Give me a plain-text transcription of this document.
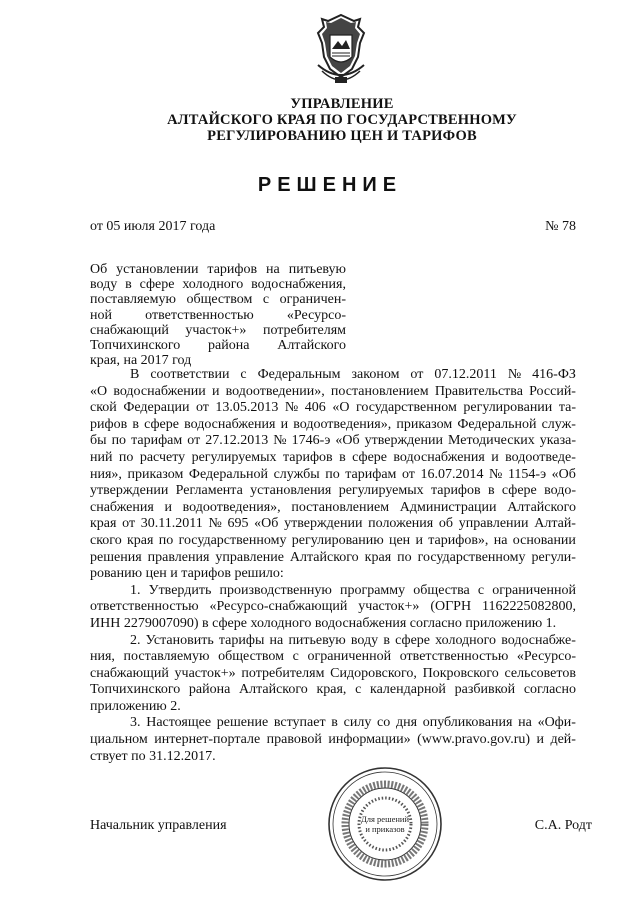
УПРАВЛЕНИЕ
АЛТАЙСКОГО КРАЯ ПО ГОСУДАРСТВЕННОМУ
РЕГУЛИРОВАНИЮ ЦЕН И ТАРИФОВ
РЕШЕНИЕ
от 05 июля 2017 года	№ 78
Об установлении тарифов на питьевую
воду в сфере холодного водоснабжения,
поставляемую обществом с ограничен-
ной ответственностью «Ресурсо-
снабжающий участок+» потребителям
Топчихинского района Алтайского
края, на 2017 год
В соответствии с Федеральным законом от 07.12.2011 № 416-ФЗ
«О водоснабжении и водоотведении», постановлением Правительства Россий-
ской Федерации от 13.05.2013 № 406 «О государственном регулировании та-
рифов в сфере водоснабжения и водоотведения», приказом Федеральной служ-
бы по тарифам от 27.12.2013 № 1746-э «Об утверждении Методических указа-
ний по расчету регулируемых тарифов в сфере водоснабжения и водоотведе-
ния», приказом Федеральной службы по тарифам от 16.07.2014 № 1154-э «Об
утверждении Регламента установления регулируемых тарифов в сфере водо-
снабжения и водоотведения», постановлением Администрации Алтайского
края от 30.11.2011 № 695 «Об утверждении положения об управлении Алтай-
ского края по государственному регулированию цен и тарифов», на основании
решения правления управление Алтайского края по государственному регули-
рованию цен и тарифов решило:
1. Утвердить производственную программу общества с ограниченной
ответственностью «Ресурсо-снабжающий участок+» (ОГРН 1162225082800,
ИНН 2279007090) в сфере холодного водоснабжения согласно приложению 1.
2. Установить тарифы на питьевую воду в сфере холодного водоснабже-
ния, поставляемую обществом с ограниченной ответственностью «Ресурсо-
снабжающий участок+» потребителям Сидоровского, Покровского сельсоветов
Топчихинского района Алтайского края, с календарной разбивкой согласно
приложению 2.
3. Настоящее решение вступает в силу со дня опубликования на «Офи-
циальном интернет-портале правовой информации» (www.pravo.gov.ru) и дей-
ствует по 31.12.2017.
Для решений
и приказов
Начальник управления	С.А. Родт
